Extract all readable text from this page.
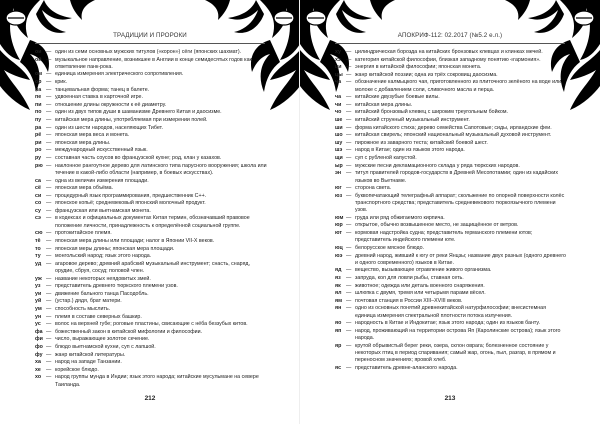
ТРАДИЦИИ И ПРОРОКИ
ои — один из семи основных мужских титулов («корон») сёги (японских шахмат).
ой — музыкальное направление, возникшее в Англии в конце семидесятых годов как ответвление панк-рока.
ом — единица измерения электрического сопротивления.
ор — крик.
па — танцевальная форма; танец в балете.
пе — удвоенная ставка в карточной игре.
пи — отношение длины окружности к её диаметру.
по — один из двух типов души в шаманизме Древнего Китая и даосизме.
пу — китайская мера длины, употребляемая при измерении полей.
ра — один из шести народов, населяющих Тибет.
рё — японская мера веса и монета.
ри — японская мера длины.
ро — международный искусственный язык.
ру — составная часть соусов во французской кухне; род, клан у казахов.
рю — наклонное рангоутное дерево для латинского типа парусного вооружения; школа или течение в какой-либо области (например, в боевых искусствах).
са — одна из величин измерения площади.
сё — японская мера объёма.
си — процедурный язык программирования, предшественник C++.
со — японское копьё; средневековый японский молочный продукт.
су — французская или вьетнамская монета.
сэ — в кодексах и официальных документах Китая термин, обозначавший правовое положение личности, принадлежность к определённой социальной группе.
сю — протокитайское племя.
тё	— японская мера длины или площади; налог в Японии VII-X веков.
то — японская меры длины; японская мера площади.
ту	— монгольский народ; язык этого народа.
уд — агаровое дерево; древний арабский музыкальный инструмент; снасть, снаряд, орудие, сбруя, сосуд; половой член.
уж — название некоторых неядовитых змей.
уз	— представитель древнего тюркского племени узов.
уи — движение бального танца Пасодобль.
уй — (устар.) дядя, брат матери.
ум — способность мыслить.
ун — племя в составе северных башкир.
ус — волос на верхней губе; роговые пластины, свисающие с нёба беззубых китов.
фа — божественный закон в китайской мифологии и философии.
фи — число, выражающее золотое сечение.
фо — блюдо вьетнамской кухни, суп с лапшой.
фу — жанр китайской литературы.
ха — народ на западе Танзании.
хе — корейское блюдо.
хо — народ группы мунда в Индии; язык этого народа; китайские мусульмане на севере Таиланда.
212
АПОКРИФ-112: 02.2017 (№5.2 е.л.)
ху — цилиндрическая борозда на китайских бронзовых клевцах и клинках мечей.
хэ — категория китайской философии, близкая западному понятию «гармония».
ци — энергия в китайской философии; японская монета.
цы — жанр китайской поэзии; одна из трёх сокровищ даосизма.
ча — обозначение калмыцкого чая, приготовленного из плиточного зелёного на воде или молоке с добавлением соли, сливочного масла и перца.
ча — китайские двузубые боевые вилы.
чи — китайская мера длины.
чо — китайский бронзовый клевец с широким треугольным бойком.
ше — китайский струнный музыкальный инструмент.
ши — форма китайского стиха; дерево семейства Сапотовые; сиды, ирландские феи.
шо — китайская свирель; японский национальный музыкальный духовой инструмент.
шу — пирожное из заварного теста; китайский боевой шест.
шэ — народ в Китае; один из языков этого народа.
щи — суп с рубленой капустой.
ыр — мужские песни декламационного склада у ряда тюркских народов.
эн — титул правителей городов-государств в Древней Месопотамии; один из кадайских языков во Вьетнаме.
юг — сторона света.
юз — буквопечатающий телеграфный аппарат; скольжение по опорной поверхности колёс транспортного средства; представитель средневекового тюркоязычного племени узов.
юм — груда или ряд обжигаемого кирпича.
юр — открытое, обычно возвышенное место, не защищённое от ветров.
ют — кормовая надстройка судна; представитель германского племени ютов; представитель индейского племени юте.
юц — белорусское мясное блюдо.
юэ — древний народ, живший к югу от реки Янцзы; название двух разных (одного древнего и одного современного) языков в Китае.
яд — вещество, вызывающее отравление живого организма.
яз — запруда, кол для ловли рыбы, ставная сеть.
як — животное; одежда или деталь военного снаряжения.
ял — шлюпка с двумя, тремя или четырьмя парами вёсел.
ям — почтовая станция в России XIII–XVIII веков.
ян — одно из основных понятий древнекитайской натурфилософии; внесистемная единица измерения спектральной плотности потока излучения.
яо — народность в Китае и Индокитае; язык этого народа; один из языков банту.
яп — народ, проживающий на территории острова Яп (Каролинские острова); язык этого народа.
яр — крутой обрывистый берег реки, озера, склон оврага; болезненное состояние у некоторых птиц в период спаривания; самый жар, огонь, пыл, разгар, в прямом и переносном значениях; яровой хлеб.
яс — представитель древне-аланского народа.
213
